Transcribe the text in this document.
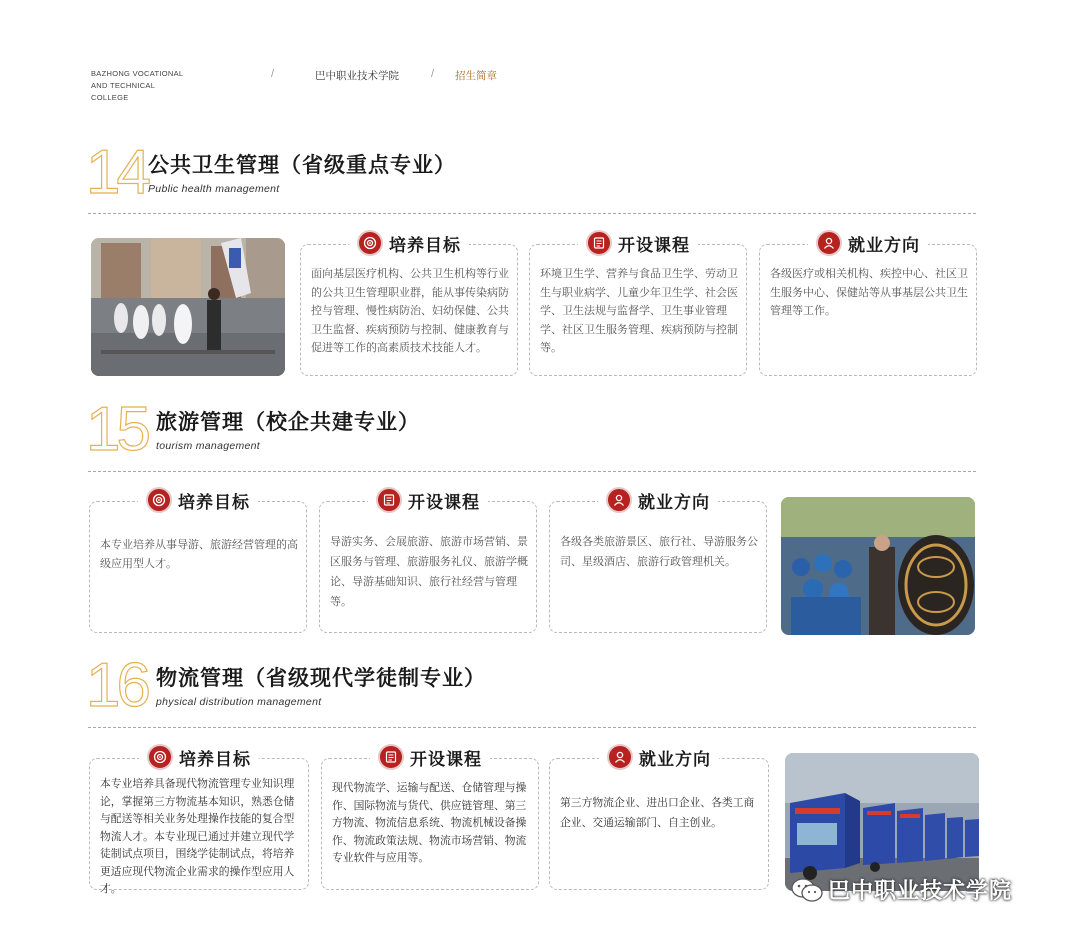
BAZHONG VOCATIONAL
AND TECHNICAL
COLLEGE
/	巴中职业技术学院	/ 招生简章
14 公共卫生管理（省级重点专业）
Public health management
培养目标
面向基层医疗机构、公共卫生机构等行业的公共卫生管理职业群，能从事传染病防控与管理、慢性病防治、妇幼保健、公共卫生监督、疾病预防与控制、健康教育与促进等工作的高素质技术技能人才。
开设课程
环境卫生学、营养与食品卫生学、劳动卫生与职业病学、儿童少年卫生学、社会医学、卫生法规与监督学、卫生事业管理学、社区卫生服务管理、疾病预防与控制等。
就业方向
各级医疗或相关机构、疾控中心、社区卫生服务中心、保健站等从事基层公共卫生管理等工作。
15 旅游管理（校企共建专业）
tourism management
培养目标
本专业培养从事导游、旅游经营管理的高级应用型人才。
开设课程
导游实务、会展旅游、旅游市场营销、景区服务与管理、旅游服务礼仪、旅游学概论、导游基础知识、旅行社经营与管理等。
就业方向
各级各类旅游景区、旅行社、导游服务公司、星级酒店、旅游行政管理机关。
16 物流管理（省级现代学徒制专业）
physical distribution management
培养目标
本专业培养具备现代物流管理专业知识理论，掌握第三方物流基本知识，熟悉仓储与配送等相关业务处理操作技能的复合型物流人才。本专业现已通过并建立现代学徒制试点项目，围绕学徒制试点，将培养更适应现代物流企业需求的操作型应用人才。
开设课程
现代物流学、运输与配送、仓储管理与操作、国际物流与货代、供应链管理、第三方物流、物流信息系统、物流机械设备操作、物流政策法规、物流市场营销、物流专业软件与应用等。
就业方向
第三方物流企业、进出口企业、各类工商企业、交通运输部门、自主创业。
巴中职业技术学院
